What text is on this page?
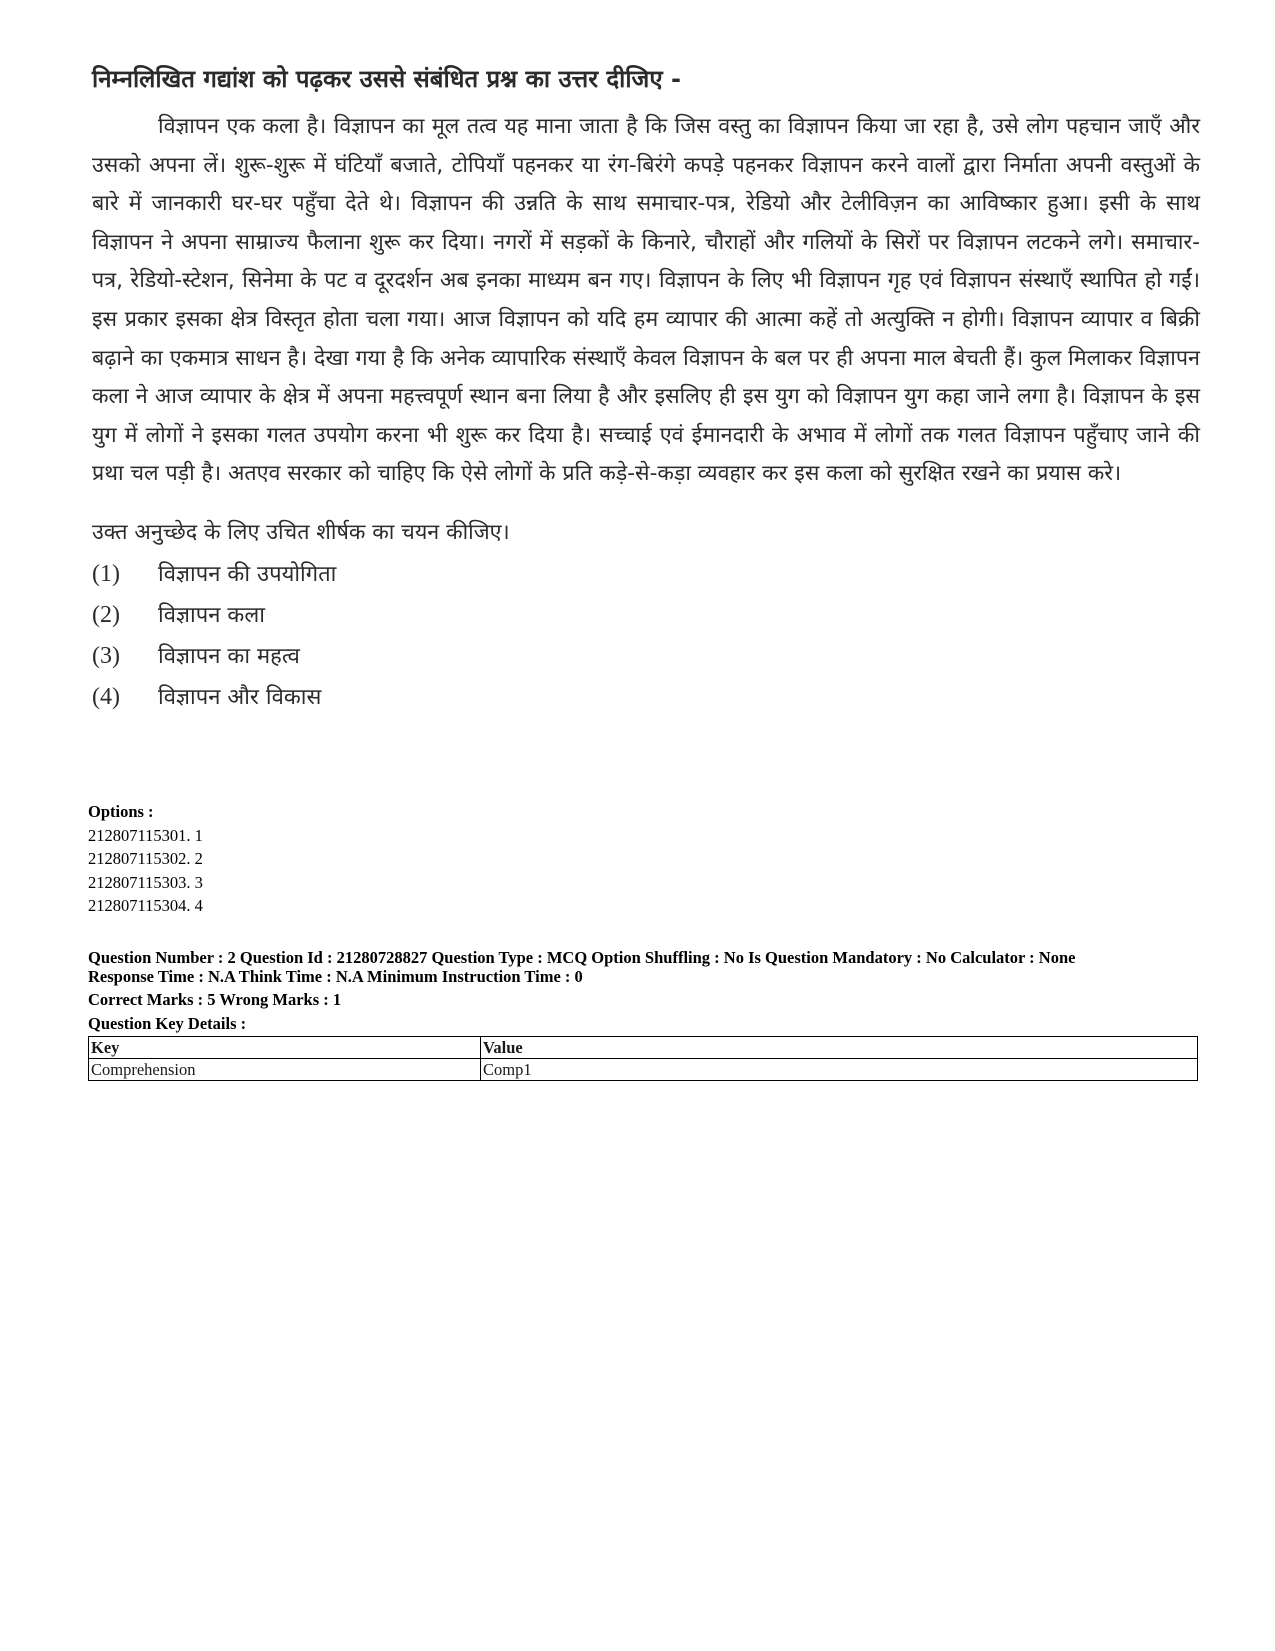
निम्नलिखित गद्यांश को पढ़कर उससे संबंधित प्रश्न का उत्तर दीजिए -

विज्ञापन एक कला है। विज्ञापन का मूल तत्व यह माना जाता है कि जिस वस्तु का विज्ञापन किया जा रहा है, उसे लोग पहचान जाएँ और उसको अपना लें। शुरू-शुरू में घंटियाँ बजाते, टोपियाँ पहनकर या रंग-बिरंगे कपड़े पहनकर विज्ञापन करने वालों द्वारा निर्माता अपनी वस्तुओं के बारे में जानकारी घर-घर पहुँचा देते थे। विज्ञापन की उन्नति के साथ समाचार-पत्र, रेडियो और टेलीविज़न का आविष्कार हुआ। इसी के साथ विज्ञापन ने अपना साम्राज्य फैलाना शुरू कर दिया। नगरों में सड़कों के किनारे, चौराहों और गलियों के सिरों पर विज्ञापन लटकने लगे। समाचार-पत्र, रेडियो-स्टेशन, सिनेमा के पट व दूरदर्शन अब इनका माध्यम बन गए। विज्ञापन के लिए भी विज्ञापन गृह एवं विज्ञापन संस्थाएँ स्थापित हो गईं। इस प्रकार इसका क्षेत्र विस्तृत होता चला गया। आज विज्ञापन को यदि हम व्यापार की आत्मा कहें तो अत्युक्ति न होगी। विज्ञापन व्यापार व बिक्री बढ़ाने का एकमात्र साधन है। देखा गया है कि अनेक व्यापारिक संस्थाएँ केवल विज्ञापन के बल पर ही अपना माल बेचती हैं। कुल मिलाकर विज्ञापन कला ने आज व्यापार के क्षेत्र में अपना महत्त्वपूर्ण स्थान बना लिया है और इसलिए ही इस युग को विज्ञापन युग कहा जाने लगा है। विज्ञापन के इस युग में लोगों ने इसका गलत उपयोग करना भी शुरू कर दिया है। सच्चाई एवं ईमानदारी के अभाव में लोगों तक गलत विज्ञापन पहुँचाए जाने की प्रथा चल पड़ी है। अतएव सरकार को चाहिए कि ऐसे लोगों के प्रति कड़े-से-कड़ा व्यवहार कर इस कला को सुरक्षित रखने का प्रयास करे।

उक्त अनुच्छेद के लिए उचित शीर्षक का चयन कीजिए।
(1)	विज्ञापन की उपयोगिता
(2)	विज्ञापन कला
(3)	विज्ञापन का महत्व
(4)	विज्ञापन और विकास
Options :
212807115301. 1
212807115302. 2
212807115303. 3
212807115304. 4
Question Number : 2 Question Id : 21280728827 Question Type : MCQ Option Shuffling : No Is Question Mandatory : No Calculator : None
Response Time : N.A Think Time : N.A Minimum Instruction Time : 0
Correct Marks : 5 Wrong Marks : 1
Question Key Details :
Key	Value
Comprehension	Comp1
